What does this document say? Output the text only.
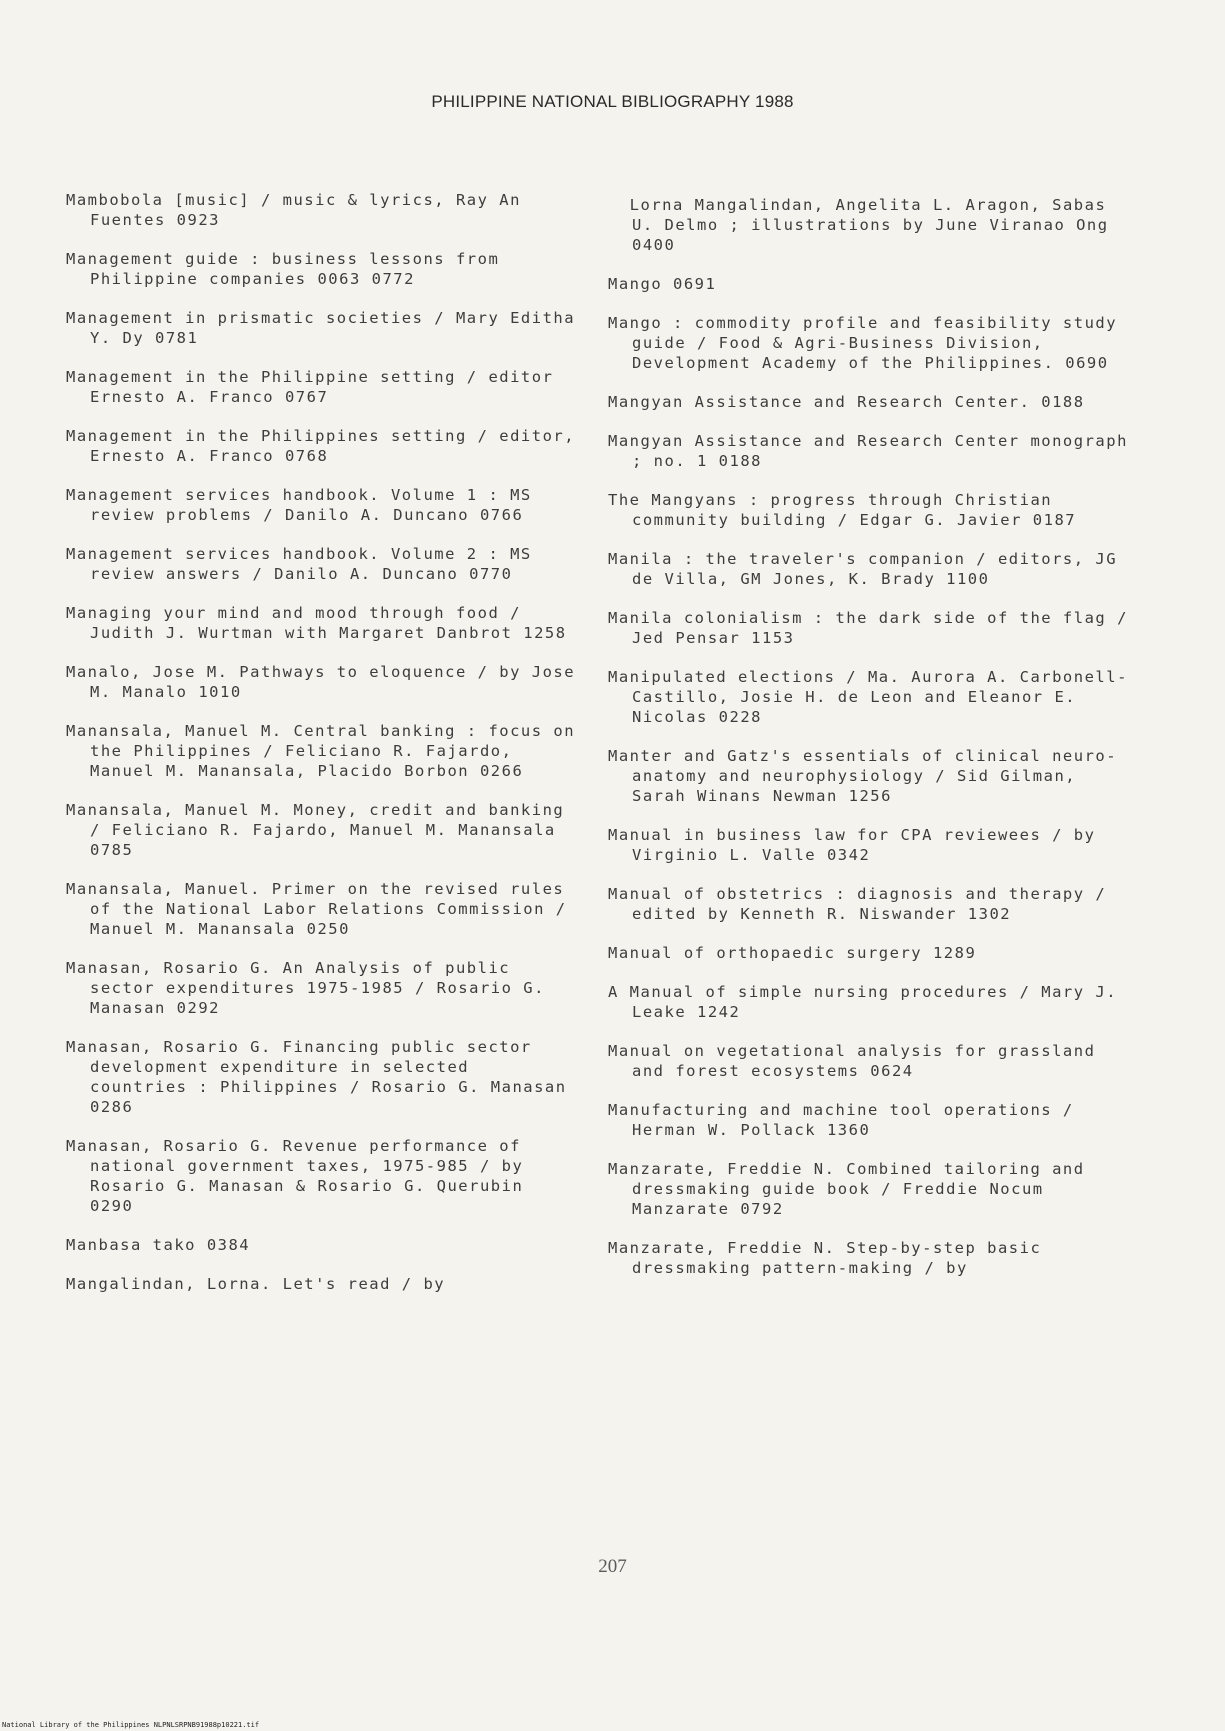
PHILIPPINE NATIONAL BIBLIOGRAPHY 1988

Mambobola [music] / music & lyrics, Ray An Fuentes 0923

Management guide : business lessons from Philippine companies 0063 0772

Management in prismatic societies / Mary Editha Y. Dy 0781

Management in the Philippine setting / editor Ernesto A. Franco 0767

Management in the Philippines setting / editor, Ernesto A. Franco 0768

Management services handbook. Volume 1 : MS review problems / Danilo A. Duncano 0766

Management services handbook. Volume 2 : MS review answers / Danilo A. Duncano 0770

Managing your mind and mood through food / Judith J. Wurtman with Margaret Danbrot 1258

Manalo, Jose M. Pathways to eloquence / by Jose M. Manalo 1010

Manansala, Manuel M. Central banking : focus on the Philippines / Feliciano R. Fajardo, Manuel M. Manansala, Placido Borbon 0266

Manansala, Manuel M. Money, credit and banking / Feliciano R. Fajardo, Manuel M. Manansala 0785

Manansala, Manuel. Primer on the revised rules of the National Labor Relations Commission / Manuel M. Manansala 0250

Manasan, Rosario G. An Analysis of public sector expenditures 1975-1985 / Rosario G. Manasan 0292

Manasan, Rosario G. Financing public sector development expenditure in selected countries : Philippines / Rosario G. Manasan 0286

Manasan, Rosario G. Revenue performance of national government taxes, 1975-985 / by Rosario G. Manasan & Rosario G. Querubin 0290

Manbasa tako 0384

Mangalindan, Lorna. Let's read / by

Lorna Mangalindan, Angelita L. Aragon, Sabas U. Delmo ; illustrations by June Viranao Ong 0400

Mango 0691

Mango : commodity profile and feasibility study guide / Food & Agri-Business Division, Development Academy of the Philippines. 0690

Mangyan Assistance and Research Center. 0188

Mangyan Assistance and Research Center monograph ; no. 1 0188

The Mangyans : progress through Christian community building / Edgar G. Javier 0187

Manila : the traveler's companion / editors, JG de Villa, GM Jones, K. Brady 1100

Manila colonialism : the dark side of the flag / Jed Pensar 1153

Manipulated elections / Ma. Aurora A. Carbonell-Castillo, Josie H. de Leon and Eleanor E. Nicolas 0228

Manter and Gatz's essentials of clinical neuro-anatomy and neurophysiology / Sid Gilman, Sarah Winans Newman 1256

Manual in business law for CPA reviewees / by Virginio L. Valle 0342

Manual of obstetrics : diagnosis and therapy / edited by Kenneth R. Niswander 1302

Manual of orthopaedic surgery 1289

A Manual of simple nursing procedures / Mary J. Leake 1242

Manual on vegetational analysis for grassland and forest ecosystems 0624

Manufacturing and machine tool operations / Herman W. Pollack 1360

Manzarate, Freddie N. Combined tailoring and dressmaking guide book / Freddie Nocum Manzarate 0792

Manzarate, Freddie N. Step-by-step basic dressmaking pattern-making / by

207
National Library of the Philippines NLPNLSRPNB91988p10221.tif
